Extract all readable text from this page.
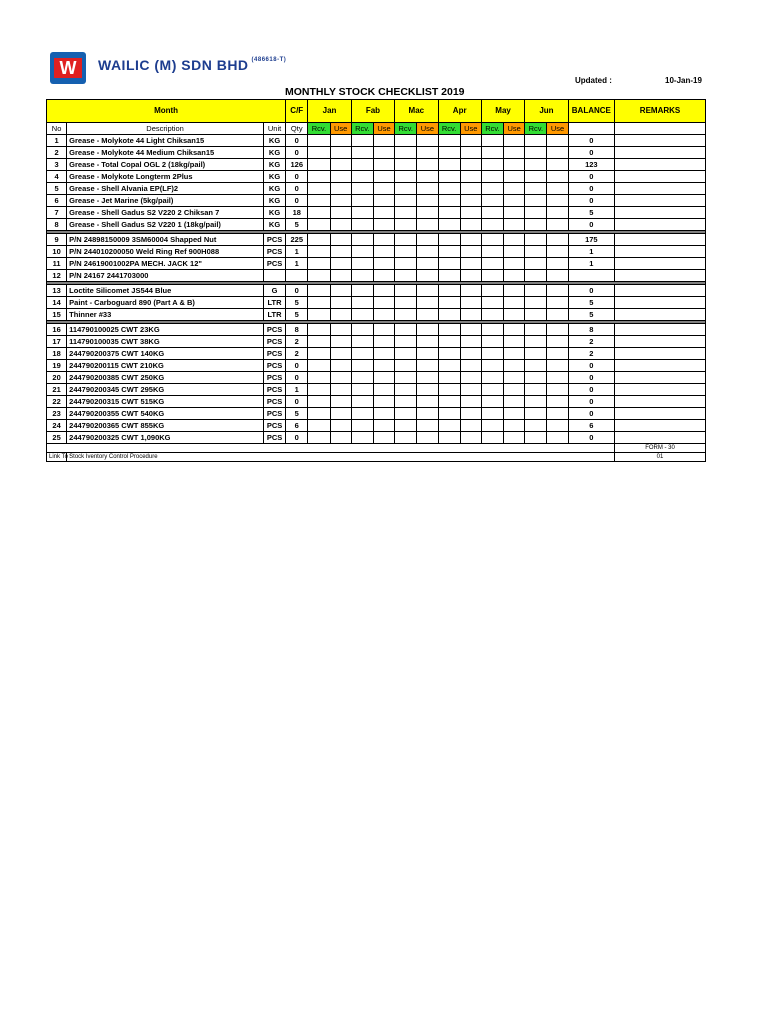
W	WAILIC (M) SDN BHD $^{(486618-T)}$
Updated :	10-Jan-19
MONTHLY STOCK CHECKLIST 2019
Month			C/F	Jan		Fab		Mac		Apr		May		Jun		BALANCE	REMARKS
No	Description	Unit	Qty	Rcv.	Use	Rcv.	Use	Rcv.	Use	Rcv.	Use	Rcv.	Use	Rcv.	Use		
1	Grease - Molykote 44 Light Chiksan15	KG	0													0	
2	Grease - Molykote 44 Medium Chiksan15	KG	0													0	
3	Grease - Total Copal OGL 2 (18kg/pail)	KG	126													123	
4	Grease - Molykote Longterm 2Plus	KG	0													0	
5	Grease - Shell Alvania EP(LF)2	KG	0													0	
6	Grease - Jet Marine (5kg/pail)	KG	0													0	
7	Grease - Shell Gadus S2 V220 2 Chiksan 7	KG	18													5	
8	Grease - Shell Gadus S2 V220 1 (18kg/pail)	KG	5													0	

9	P/N 24898150009 3SM60004 Shapped Nut	PCS	225													175	
10	P/N 244010200050 Weld Ring Ref 900H088	PCS	1													1	
11	P/N 24619001002PA MECH. JACK 12"	PCS	1													1	
12	P/N 24167 2441703000																

13	Loctite Silicomet JS544 Blue	G	0													0	
14	Paint - Carboguard 890 (Part A & B)	LTR	5													5	
15	Thinner #33	LTR	5													5	

16	114790100025 CWT 23KG	PCS	8													8	
17	114790100035 CWT 38KG	PCS	2													2	
18	244790200375 CWT 140KG	PCS	2													2	
19	244790200115 CWT 210KG	PCS	0													0	
20	244790200385 CWT 250KG	PCS	0													0	
21	244790200345 CWT 295KG	PCS	1													0	
22	244790200315 CWT 515KG	PCS	0													0	
23	244790200355 CWT 540KG	PCS	5													0	
24	244790200365 CWT 855KG	PCS	6													6	
25	244790200325 CWT 1,090KG	PCS	0													0	
																	FORM - 30
Link To :	Stock Iventory Control Procedure																01
